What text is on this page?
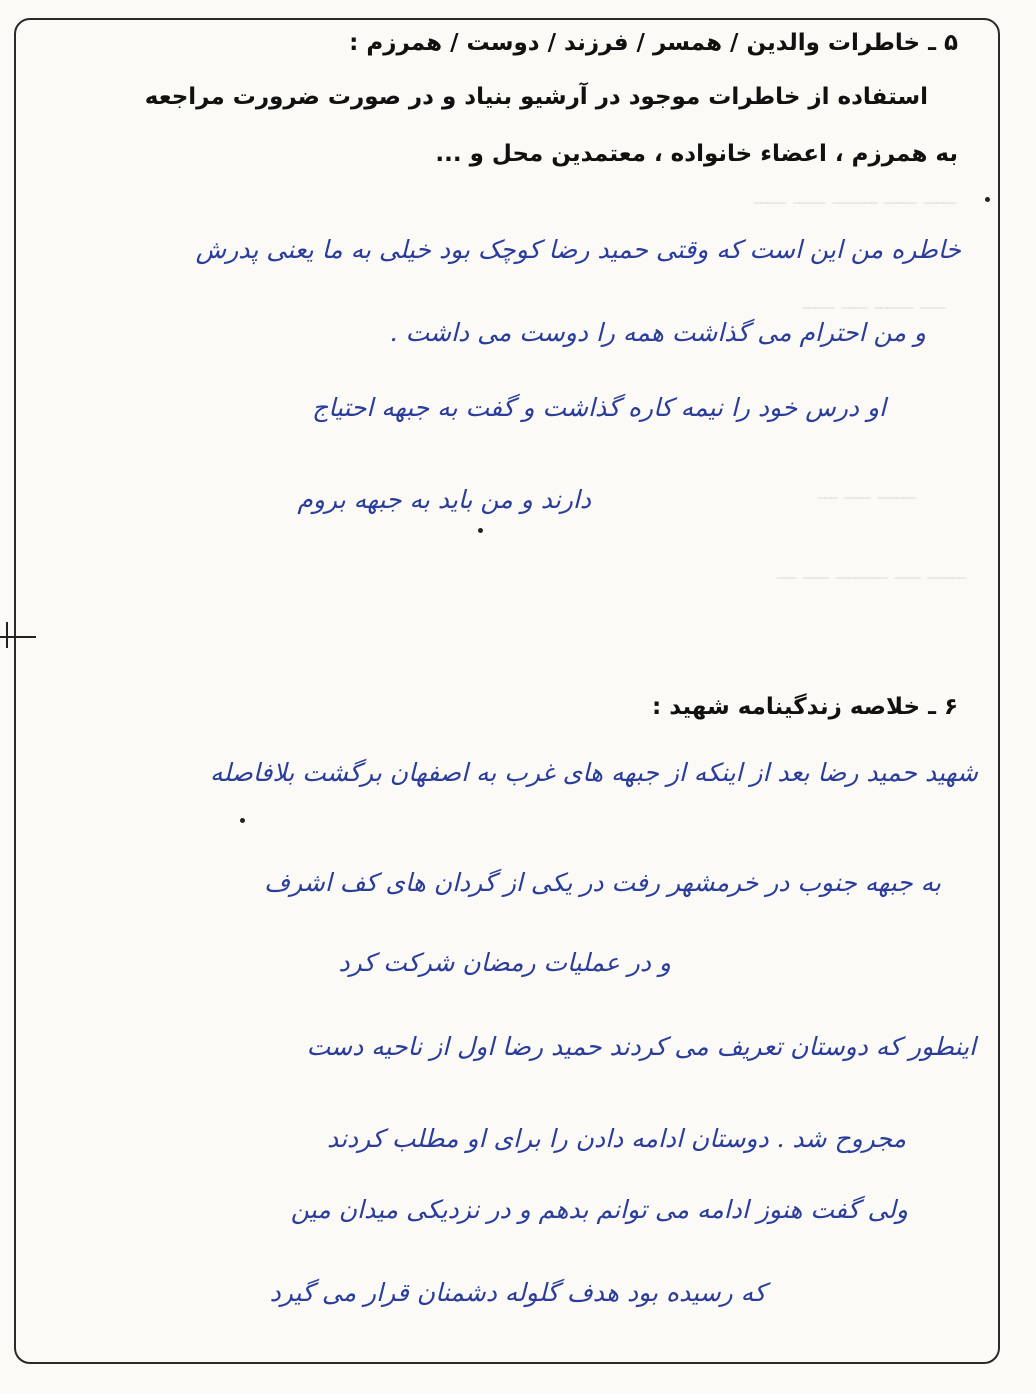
‏ـــــ ـــــ ـــــــ ـــــ ـــــ
‏ــــ ــــــ ــــ ـــــ
‏ــــــ ــــ ـــ
‏ــــــ ــــ ــــــــ ــــ ـــ
۵ ـ خاطرات والدین / همسر / فرزند / دوست / همرزم :
استفاده از خاطرات موجود در آرشیو بنیاد و در صورت ضرورت مراجعه
به همرزم ، اعضاء خانواده ، معتمدین محل و ...
خاطره من این است که وقتی حمید رضا کوچک بود خیلی به ما یعنی پدرش
و من احترام می گذاشت همه را دوست می داشت .
او درس خود را نیمه کاره گذاشت و گفت به جبهه احتیاج
دارند و من باید به جبهه بروم
۶ ـ خلاصه زندگینامه شهید :
شهید حمید رضا بعد از اینکه از جبهه های غرب به اصفهان برگشت بلافاصله
به جبهه جنوب در خرمشهر رفت در یکی از گردان های کف اشرف
و در عملیات رمضان شرکت کرد
اینطور که دوستان تعریف می کردند حمید رضا اول از ناحیه دست
مجروح شد . دوستان ادامه دادن را برای او مطلب کردند
ولی گفت هنوز ادامه می توانم بدهم و در نزدیکی میدان مین
که رسیده بود هدف گلوله دشمنان قرار می گیرد
